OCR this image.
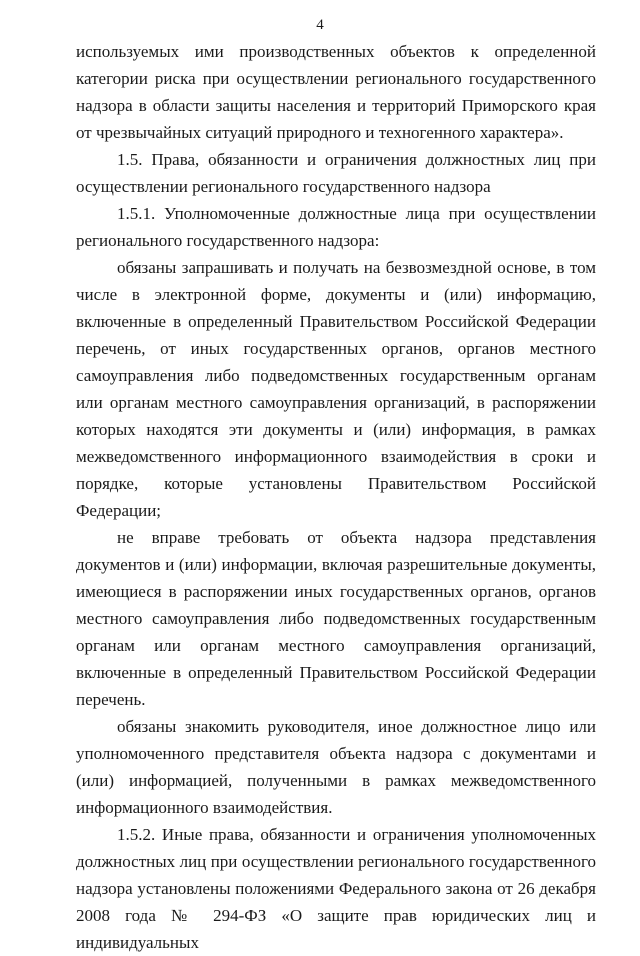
4

используемых ими производственных объектов к определенной категории риска при осуществлении регионального государственного надзора в области защиты населения и территорий Приморского края от чрезвычайных ситуаций природного и техногенного характера».

1.5. Права, обязанности и ограничения должностных лиц при осуществлении регионального государственного надзора

1.5.1. Уполномоченные должностные лица при осуществлении регионального государственного надзора:

обязаны запрашивать и получать на безвозмездной основе, в том числе в электронной форме, документы и (или) информацию, включенные в определенный Правительством Российской Федерации перечень, от иных государственных органов, органов местного самоуправления либо подведомственных государственным органам или органам местного самоуправления организаций, в распоряжении которых находятся эти документы и (или) информация, в рамках межведомственного информационного взаимодействия в сроки и порядке, которые установлены Правительством Российской Федерации;

не вправе требовать от объекта надзора представления документов и (или) информации, включая разрешительные документы, имеющиеся в распоряжении иных государственных органов, органов местного самоуправления либо подведомственных государственным органам или органам местного самоуправления организаций, включенные в определенный Правительством Российской Федерации перечень.

обязаны знакомить руководителя, иное должностное лицо или уполномоченного представителя объекта надзора с документами и (или) информацией, полученными в рамках межведомственного информационного взаимодействия.

1.5.2. Иные права, обязанности и ограничения уполномоченных должностных лиц при осуществлении регионального государственного надзора установлены положениями Федерального закона от 26 декабря 2008 года № 294-ФЗ «О защите прав юридических лиц и индивидуальных
